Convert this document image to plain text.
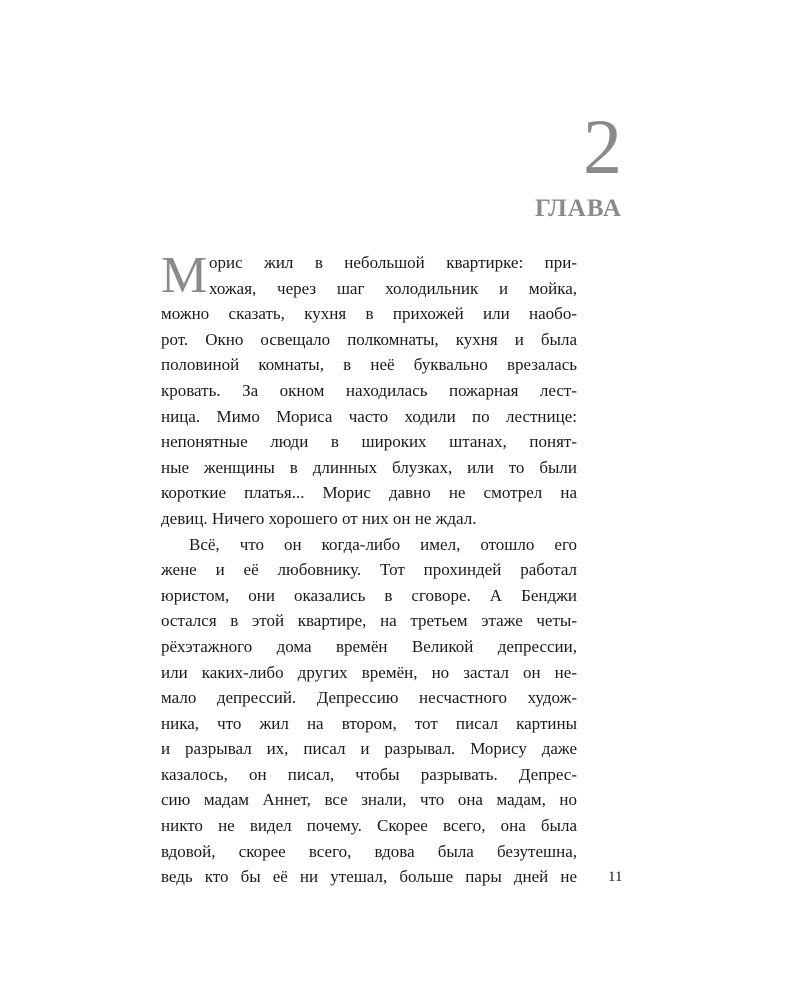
2
ГЛАВА
М орис жил в небольшой квартирке: при-
хожая, через шаг холодильник и мойка,
можно сказать, кухня в прихожей или наобо-
рот. Окно освещало полкомнаты, кухня и была
половиной комнаты, в неё буквально врезалась
кровать. За окном находилась пожарная лест-
ница. Мимо Мориса часто ходили по лестнице:
непонятные люди в широких штанах, понят-
ные женщины в длинных блузках, или то были
короткие платья... Морис давно не смотрел на
девиц. Ничего хорошего от них он не ждал.
Всё, что он когда-либо имел, отошло его
жене и её любовнику. Тот прохиндей работал
юристом, они оказались в сговоре. А Бенджи
остался в этой квартире, на третьем этаже четы-
рёхэтажного дома времён Великой депрессии,
или каких-либо других времён, но застал он не-
мало депрессий. Депрессию несчастного худож-
ника, что жил на втором, тот писал картины
и разрывал их, писал и разрывал. Морису даже
казалось, он писал, чтобы разрывать. Депрес-
сию мадам Аннет, все знали, что она мадам, но
никто не видел почему. Скорее всего, она была
вдовой, скорее всего, вдова была безутешна,
ведь кто бы её ни утешал, больше пары дней не 11
